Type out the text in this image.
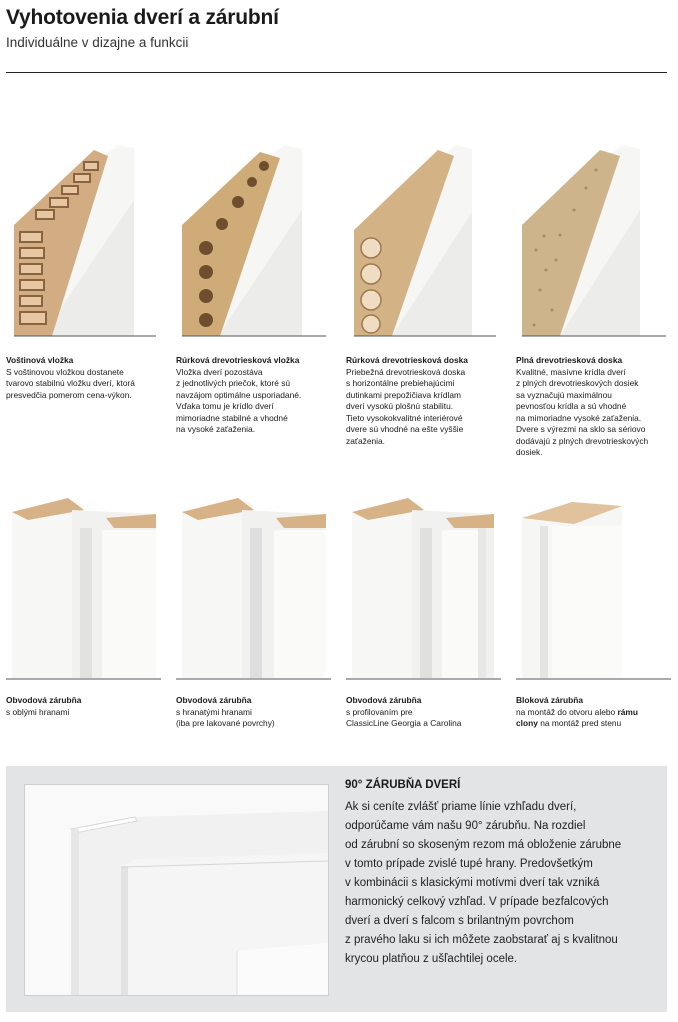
Vyhotovenia dverí a zárubní
Individuálne v dizajne a funkcii
Voštinová vložka
S voštinovou vložkou dostanete
tvarovo stabilnú vložku dverí, ktorá
presvedčia pomerom cena-výkon.
Rúrková drevotriesková vložka
Vložka dverí pozostáva
z jednotlivých priečok, ktoré sú
navzájom optimálne usporiadané.
Vďaka tomu je krídlo dverí
mimoriadne stabilné a vhodné
na vysoké zaťaženia.
Rúrková drevotriesková doska
Priebežná drevotriesková doska
s horizontálne prebiehajúcimi
dutinkami prepožičiava krídlam
dverí vysokú plošnú stabilitu.
Tieto vysokokvalitné interiérové
dvere sú vhodné na ešte vyššie
zaťaženia.
Plná drevotriesková doska
Kvalitné, masívne krídla dverí
z plných drevotrieskových dosiek
sa vyznačujú maximálnou
pevnosťou krídla a sú vhodné
na mimoriadne vysoké zaťaženia.
Dvere s výrezmi na sklo sa sériovo
dodávajú z plných drevotrieskových
dosiek.
Obvodová zárubňa
s oblými hranami
Obvodová zárubňa
s hranatými hranami
(iba pre lakované povrchy)
Obvodová zárubňa
s profilovaním pre
ClassicLine Georgia a Carolina
Bloková zárubňa
na montáž do otvoru alebo rámu
clony na montáž pred stenu
90° ZÁRUBŇA DVERÍ
Ak si ceníte zvlášť priame línie vzhľadu dverí,
odporúčame vám našu 90° zárubňu. Na rozdiel
od zárubní so skoseným rezom má obloženie zárubne
v tomto prípade zvislé tupé hrany. Predovšetkým
v kombinácii s klasickými motívmi dverí tak vzniká
harmonický celkový vzhľad. V prípade bezfalcových
dverí a dverí s falcom s brilantným povrchom
z pravého laku si ich môžete zaobstarať aj s kvalitnou
krycou platňou z ušľachtilej ocele.
